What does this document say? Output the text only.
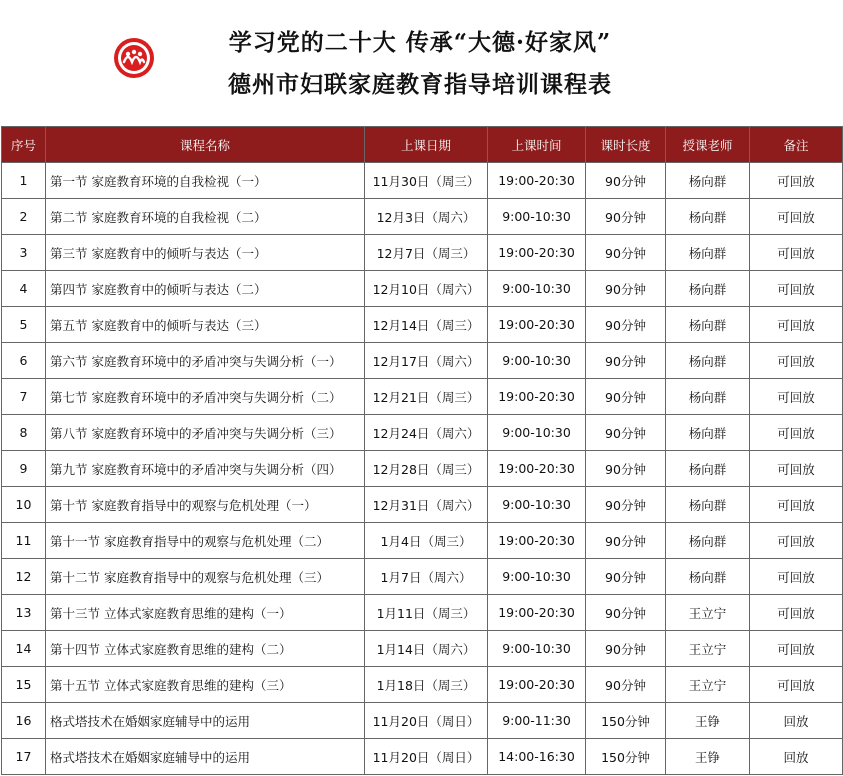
学习党的二十大 传承“大德·好家风”
德州市妇联家庭教育指导培训课程表
序号	课程名称	上课日期	上课时间	课时长度	授课老师	备注
1	第一节 家庭教育环境的自我检视（一）	11月30日（周三）	19:00-20:30	90分钟	杨向群	可回放
2	第二节 家庭教育环境的自我检视（二）	12月3日（周六）	9:00-10:30	90分钟	杨向群	可回放
3	第三节 家庭教育中的倾听与表达（一）	12月7日（周三）	19:00-20:30	90分钟	杨向群	可回放
4	第四节 家庭教育中的倾听与表达（二）	12月10日（周六）	9:00-10:30	90分钟	杨向群	可回放
5	第五节 家庭教育中的倾听与表达（三）	12月14日（周三）	19:00-20:30	90分钟	杨向群	可回放
6	第六节 家庭教育环境中的矛盾冲突与失调分析（一）	12月17日（周六）	9:00-10:30	90分钟	杨向群	可回放
7	第七节 家庭教育环境中的矛盾冲突与失调分析（二）	12月21日（周三）	19:00-20:30	90分钟	杨向群	可回放
8	第八节 家庭教育环境中的矛盾冲突与失调分析（三）	12月24日（周六）	9:00-10:30	90分钟	杨向群	可回放
9	第九节 家庭教育环境中的矛盾冲突与失调分析（四）	12月28日（周三）	19:00-20:30	90分钟	杨向群	可回放
10	第十节 家庭教育指导中的观察与危机处理（一）	12月31日（周六）	9:00-10:30	90分钟	杨向群	可回放
11	第十一节 家庭教育指导中的观察与危机处理（二）	1月4日（周三）	19:00-20:30	90分钟	杨向群	可回放
12	第十二节 家庭教育指导中的观察与危机处理（三）	1月7日（周六）	9:00-10:30	90分钟	杨向群	可回放
13	第十三节 立体式家庭教育思维的建构（一）	1月11日（周三）	19:00-20:30	90分钟	王立宁	可回放
14	第十四节 立体式家庭教育思维的建构（二）	1月14日（周六）	9:00-10:30	90分钟	王立宁	可回放
15	第十五节 立体式家庭教育思维的建构（三）	1月18日（周三）	19:00-20:30	90分钟	王立宁	可回放
16	格式塔技术在婚姻家庭辅导中的运用	11月20日（周日）	9:00-11:30	150分钟	王铮	回放
17	格式塔技术在婚姻家庭辅导中的运用	11月20日（周日）	14:00-16:30	150分钟	王铮	回放
